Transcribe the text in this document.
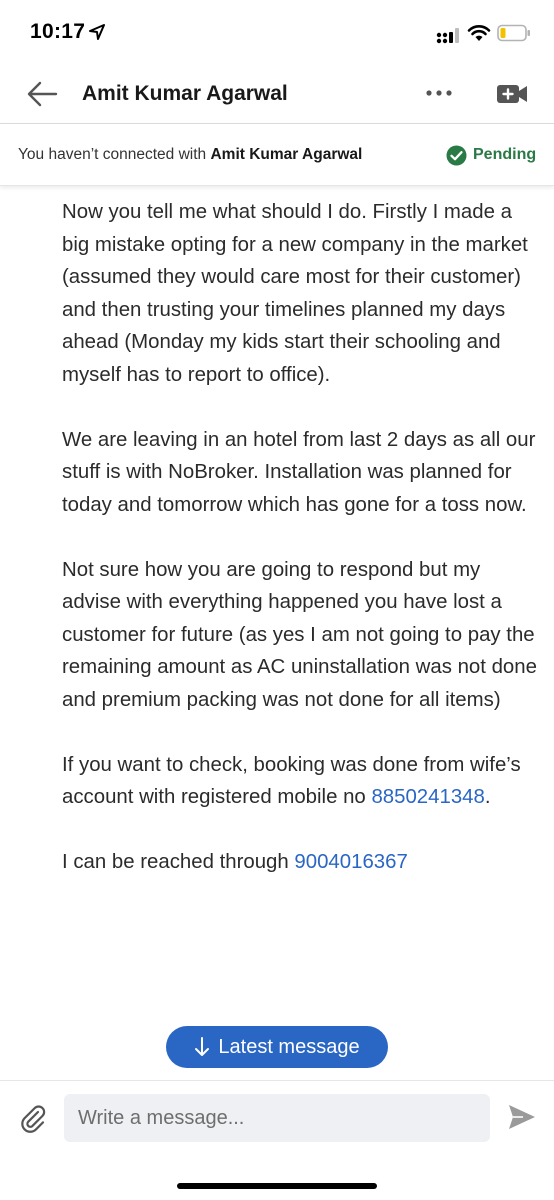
10:17
Amit Kumar Agarwal
You haven’t connected with Amit Kumar Agarwal	Pending

Now you tell me what should I do. Firstly I made a big mistake opting for a new company in the market (assumed they would care most for their customer) and then trusting your timelines planned my days ahead (Monday my kids start their schooling and myself has to report to office).

We are leaving in an hotel from last 2 days as all our stuff is with NoBroker. Installation was planned for today and tomorrow which has gone for a toss now.

Not sure how you are going to respond but my advise with everything happened you have lost a customer for future (as yes I am not going to pay the remaining amount as AC uninstallation was not done and premium packing was not done for all items)

If you want to check, booking was done from wife’s account with registered mobile no 8850241348.

I can be reached through 9004016367

Latest message
Write a message...
